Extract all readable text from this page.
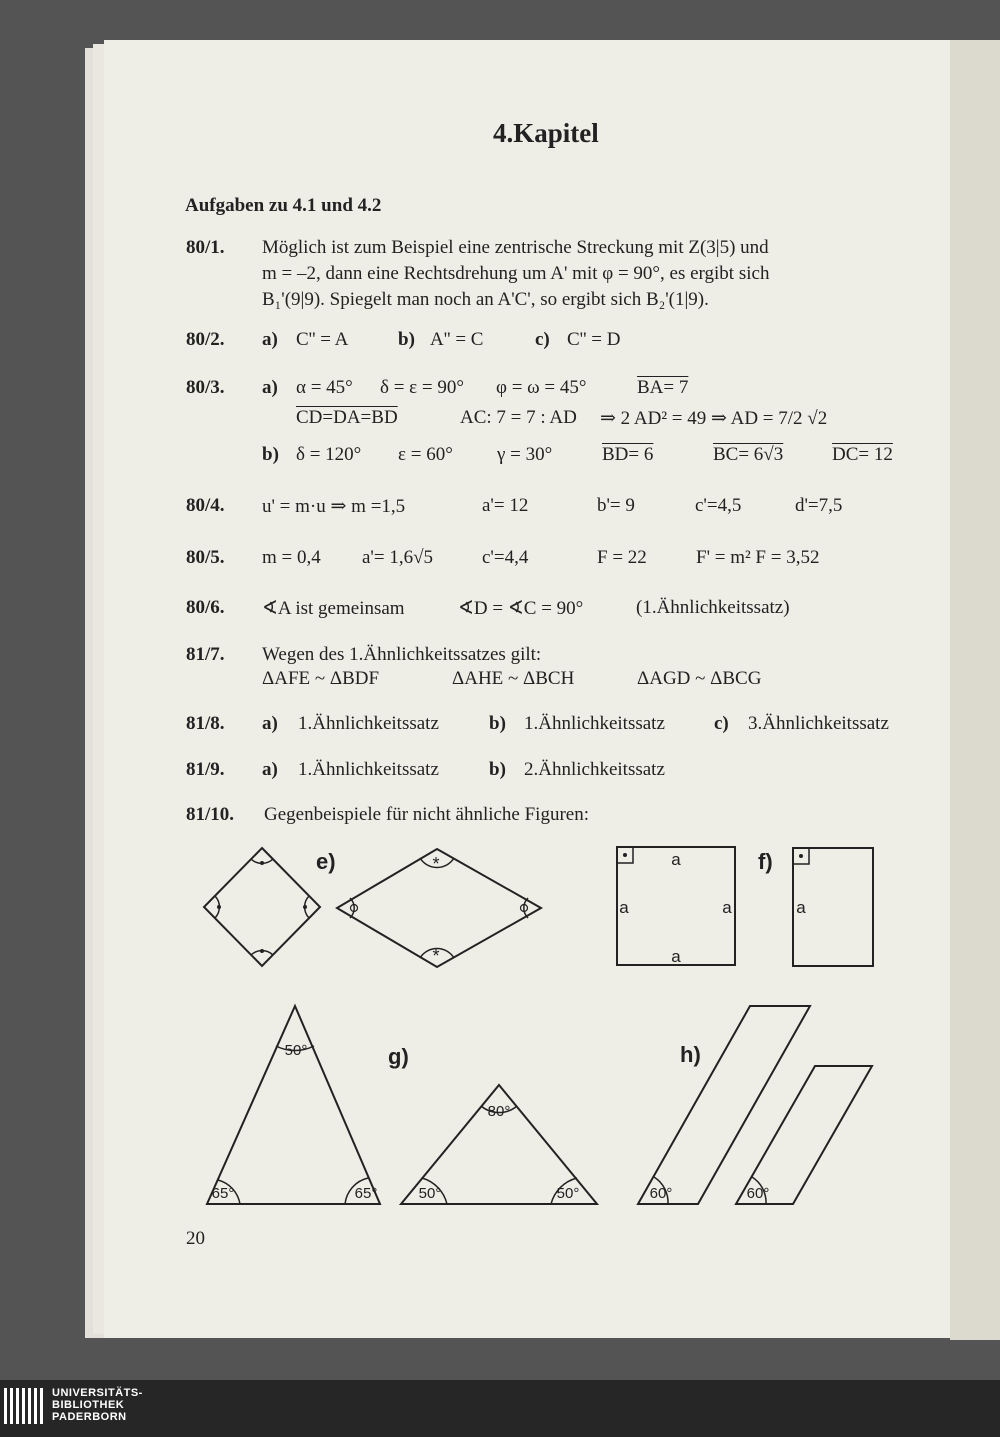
4.Kapitel
Aufgaben zu 4.1 und 4.2
80/1. Möglich ist zum Beispiel eine zentrische Streckung mit Z(3|5) und
m = –2, dann eine Rechtsdrehung um A' mit φ = 90°, es ergibt sich
B₁'(9|9). Spiegelt man noch an A'C', so ergibt sich B₂'(1|9).
80/2. a) C'' = A	b) A'' = C	c) C'' = D
80/3. a) α = 45° δ = ε = 90° φ = ω = 45°	BA= 7
CD=DA=BD	AC: 7 = 7 : AD ⇒ 2 AD² = 49 ⇒ AD = 7/2 √2
b) δ = 120° ε = 60° γ = 30°	BD= 6	BC= 6√3	DC= 12
80/4. u' = m·u ⇒ m =1,5	a'= 12	b'= 9	c'=4,5	d'=7,5
80/5. m = 0,4 a'= 1,6√5	c'=4,4	F = 22	F' = m² F = 3,52
80/6. ∢A ist gemeinsam	∢D = ∢C = 90°	(1.Ähnlichkeitssatz)
81/7. Wegen des 1.Ähnlichkeitssatzes gilt:
ΔAFE ~ ΔBDF	ΔAHE ~ ΔBCH	ΔAGD ~ ΔBCG
81/8. a) 1.Ähnlichkeitssatz	b) 1.Ähnlichkeitssatz	c) 3.Ähnlichkeitssatz
81/9. a) 1.Ähnlichkeitssatz	b) 2.Ähnlichkeitssatz
81/10. Gegenbeispiele für nicht ähnliche Figuren:
*
*
e)	a
a	a
a
f)
a
50°
65°	65°
g)
80°
50°	50°
h)
60°	60°
20
UNIVERSITÄTS-
BIBLIOTHEK
PADERBORN
